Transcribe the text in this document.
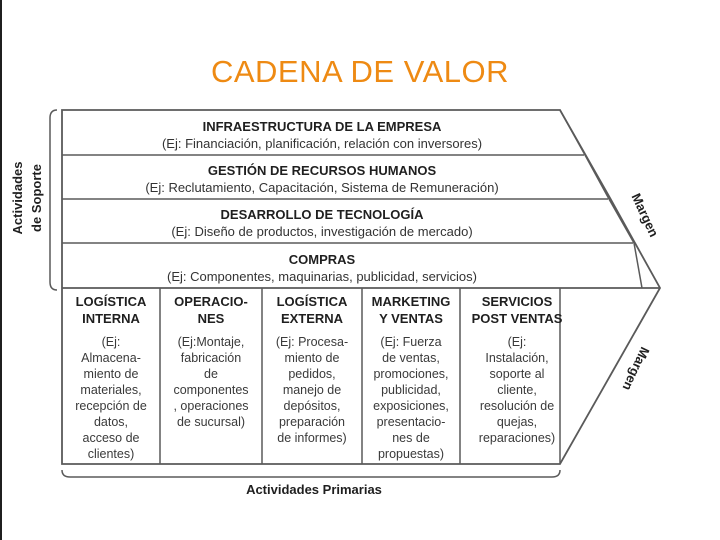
CADENA DE VALOR
Actividades de Soporte	Margen
Margen
Actividades Primarias
INFRAESTRUCTURA DE LA EMPRESA
(Ej: Financiación, planificación, relación con inversores)
GESTIÓN DE RECURSOS HUMANOS
(Ej: Reclutamiento, Capacitación, Sistema de Remuneración)
DESARROLLO DE TECNOLOGÍA
(Ej: Diseño de productos, investigación de mercado)
COMPRAS
(Ej: Componentes, maquinarias, publicidad, servicios)
LOGÍSTICA
INTERNA
(Ej:
Almacena-
miento de
materiales,
recepción de
datos,
acceso de
clientes)
OPERACIO-
NES
(Ej:Montaje,
fabricación
de
componentes
, operaciones
de sucursal)
LOGÍSTICA
EXTERNA
(Ej: Procesa-
miento de
pedidos,
manejo de
depósitos,
preparación
de informes)
MARKETING
Y VENTAS
(Ej: Fuerza
de ventas,
promociones,
publicidad,
exposiciones,
presentacio-
nes de
propuestas)
SERVICIOS
POST VENTAS
(Ej:
Instalación,
soporte al
cliente,
resolución de
quejas,
reparaciones)
